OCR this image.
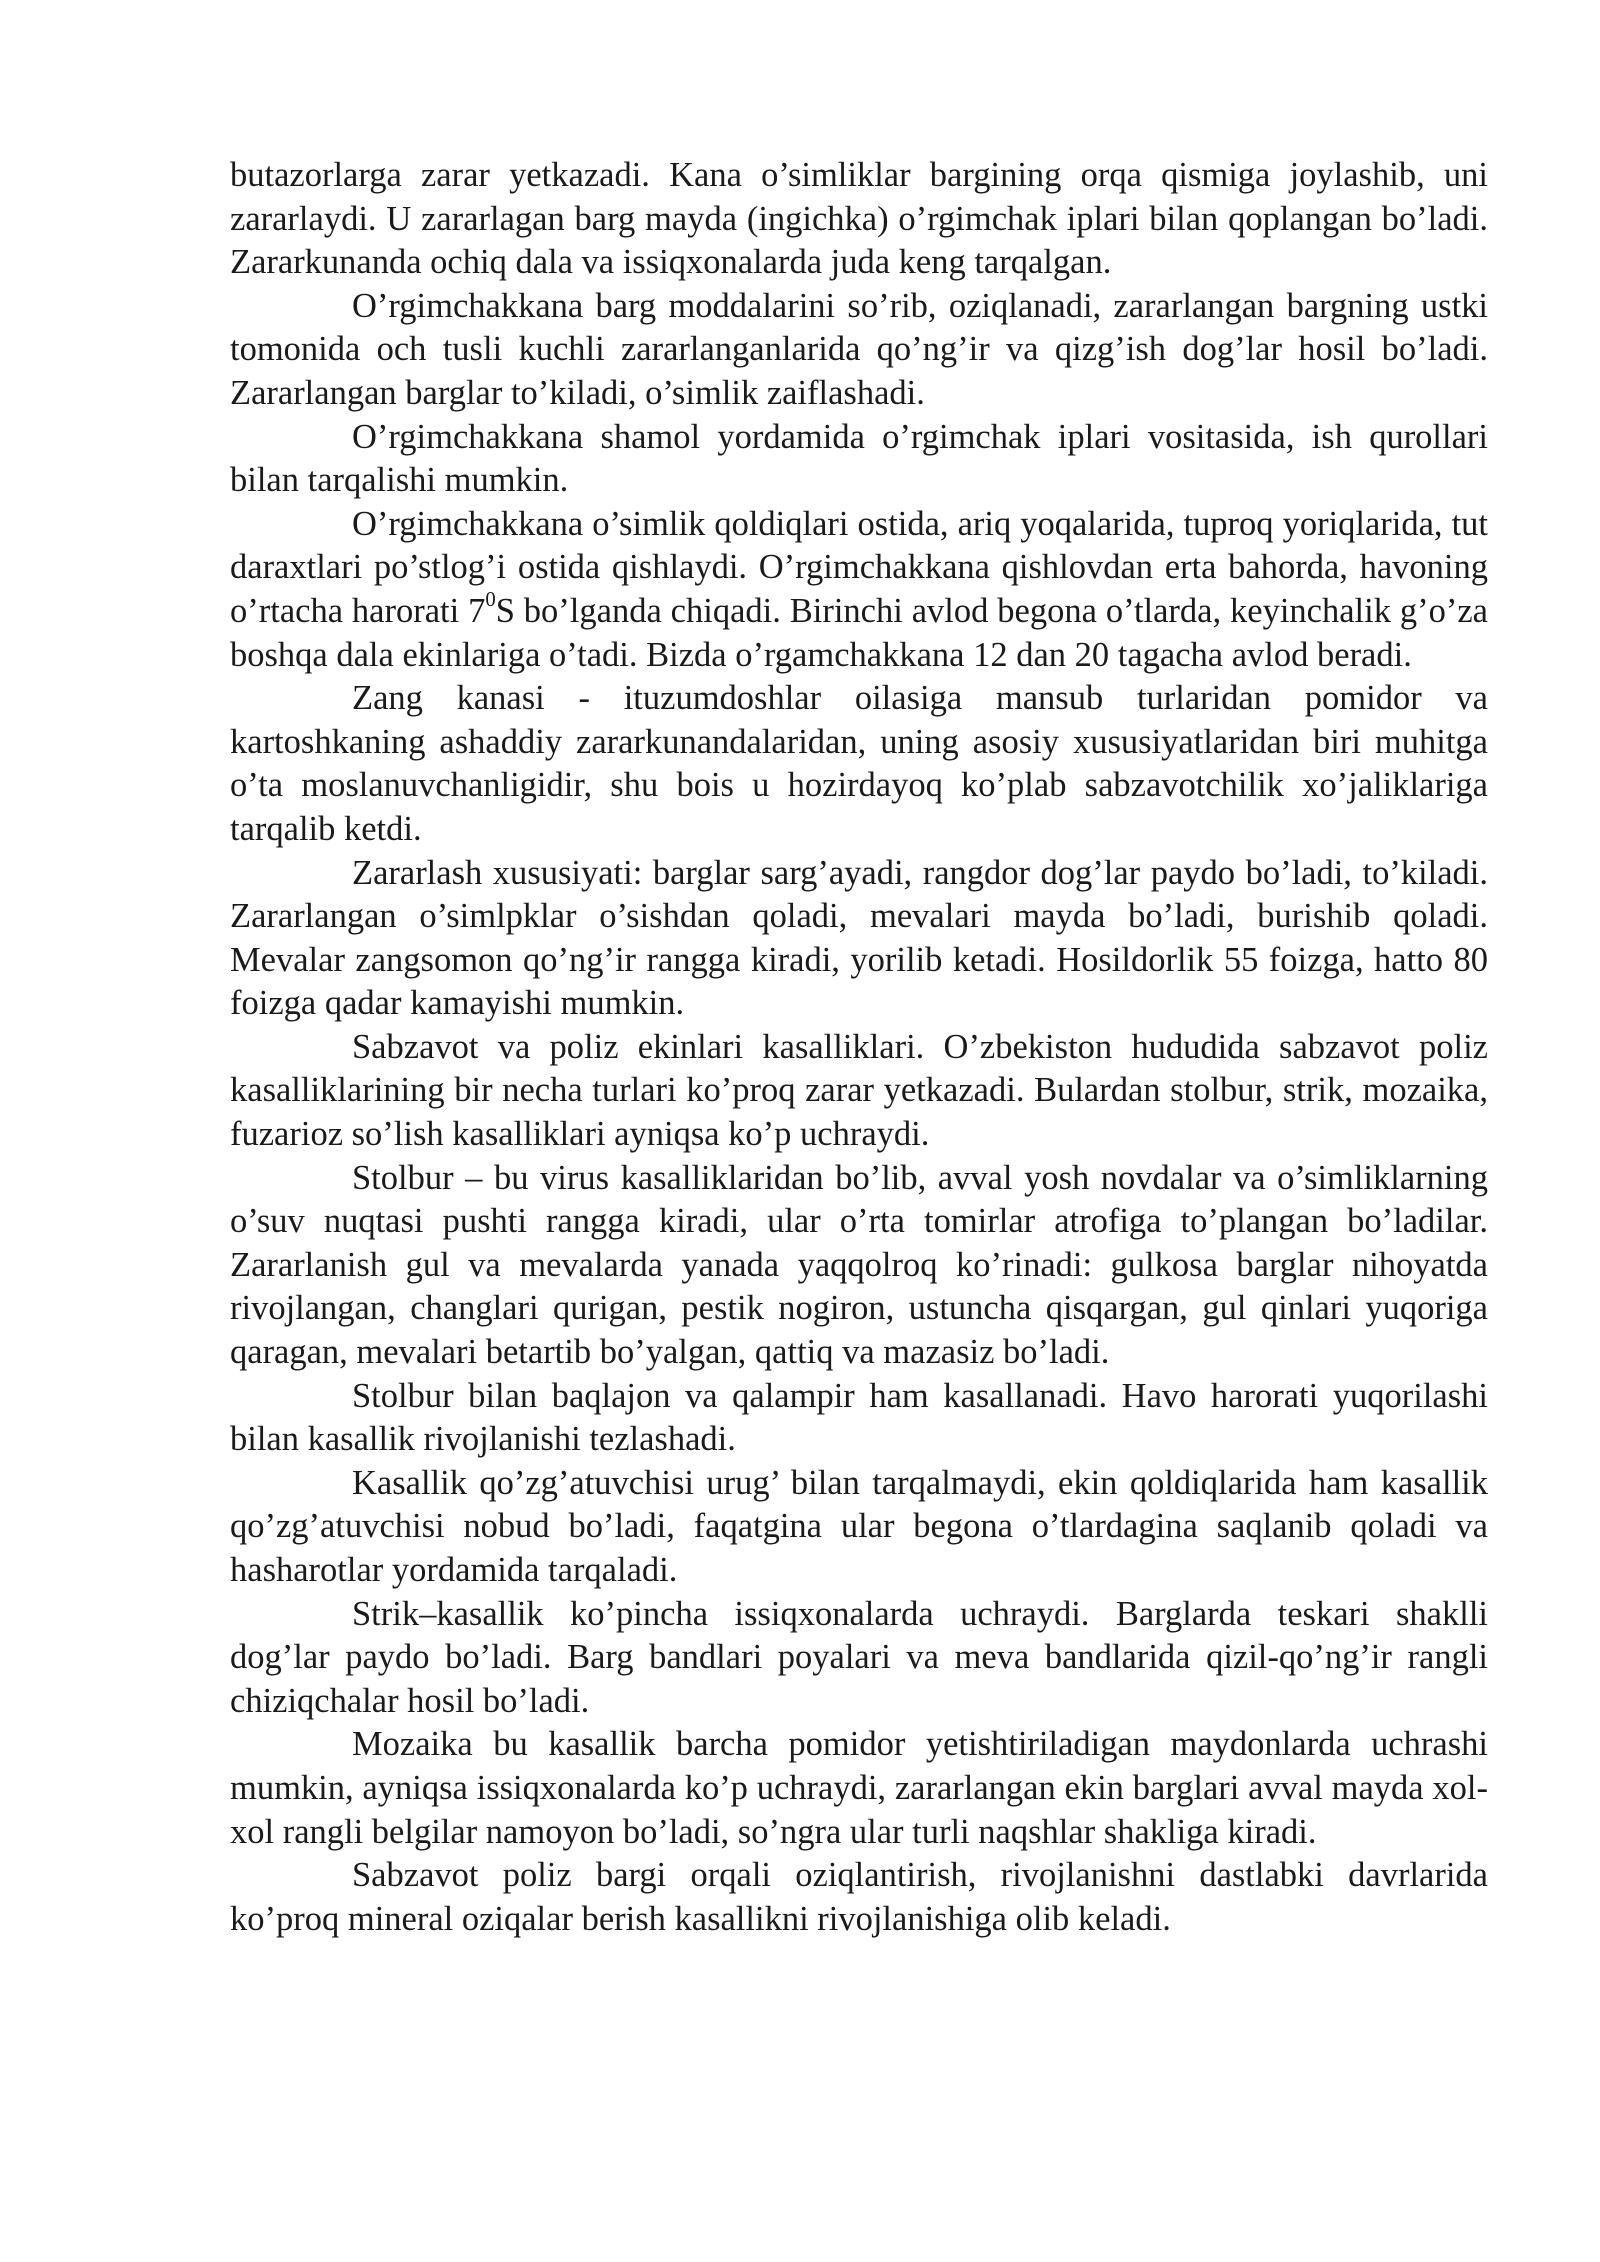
butazorlarga zarar yetkazadi. Kana o’simliklar bargining orqa qismiga joylashib, uni zararlaydi. U zararlagan barg mayda (ingichka) o’rgimchak iplari bilan qoplangan bo’ladi. Zararkunanda ochiq dala va issiqxonalarda juda keng tarqalgan.

O’rgimchakkana barg moddalarini so’rib, oziqlanadi, zararlangan bargning ustki tomonida och tusli kuchli zararlanganlarida qo’ng’ir va qizg’ish dog’lar hosil bo’ladi. Zararlangan barglar to’kiladi, o’simlik zaiflashadi.

O’rgimchakkana shamol yordamida o’rgimchak iplari vositasida, ish qurollari bilan tarqalishi mumkin.

O’rgimchakkana o’simlik qoldiqlari ostida, ariq yoqalarida, tuproq yoriqlarida, tut daraxtlari po’stlog’i ostida qishlaydi. O’rgimchakkana qishlovdan erta bahorda, havoning o’rtacha harorati $7^0S$ bo’lganda chiqadi. Birinchi avlod begona o’tlarda, keyinchalik g’o’za boshqa dala ekinlariga o’tadi. Bizda o’rgamchakkana 12 dan 20 tagacha avlod beradi.

Zang kanasi - ituzumdoshlar oilasiga mansub turlaridan pomidor va kartoshkaning ashaddiy zararkunandalaridan, uning asosiy xususiyatlaridan biri muhitga o’ta moslanuvchanligidir, shu bois u hozirdayoq ko’plab sabzavotchilik xo’jaliklariga tarqalib ketdi.

Zararlash xususiyati: barglar sarg’ayadi, rangdor dog’lar paydo bo’ladi, to’kiladi. Zararlangan o’simlpklar o’sishdan qoladi, mevalari mayda bo’ladi, burishib qoladi. Mevalar zangsomon qo’ng’ir rangga kiradi, yorilib ketadi. Hosildorlik 55 foizga, hatto 80 foizga qadar kamayishi mumkin.

Sabzavot va poliz ekinlari kasalliklari. O’zbekiston hududida sabzavot poliz kasalliklarining bir necha turlari ko’proq zarar yetkazadi. Bulardan stolbur, strik, mozaika, fuzarioz so’lish kasalliklari ayniqsa ko’p uchraydi.

Stolbur – bu virus kasalliklaridan bo’lib, avval yosh novdalar va o’simliklarning o’suv nuqtasi pushti rangga kiradi, ular o’rta tomirlar atrofiga to’plangan bo’ladilar. Zararlanish gul va mevalarda yanada yaqqolroq ko’rinadi: gulkosa barglar nihoyatda rivojlangan, changlari qurigan, pestik nogiron, ustuncha qisqargan, gul qinlari yuqoriga qaragan, mevalari betartib bo’yalgan, qattiq va mazasiz bo’ladi.

Stolbur bilan baqlajon va qalampir ham kasallanadi. Havo harorati yuqorilashi bilan kasallik rivojlanishi tezlashadi.

Kasallik qo’zg’atuvchisi urug’ bilan tarqalmaydi, ekin qoldiqlarida ham kasallik qo’zg’atuvchisi nobud bo’ladi, faqatgina ular begona o’tlardagina saqlanib qoladi va hasharotlar yordamida tarqaladi.

Strik–kasallik ko’pincha issiqxonalarda uchraydi. Barglarda teskari shaklli dog’lar paydo bo’ladi. Barg bandlari poyalari va meva bandlarida qizil-qo’ng’ir rangli chiziqchalar hosil bo’ladi.

Mozaika bu kasallik barcha pomidor yetishtiriladigan maydonlarda uchrashi mumkin, ayniqsa issiqxonalarda ko’p uchraydi, zararlangan ekin barglari avval mayda xol-xol rangli belgilar namoyon bo’ladi, so’ngra ular turli naqshlar shakliga kiradi.

Sabzavot poliz bargi orqali oziqlantirish, rivojlanishni dastlabki davrlarida ko’proq mineral oziqalar berish kasallikni rivojlanishiga olib keladi.
